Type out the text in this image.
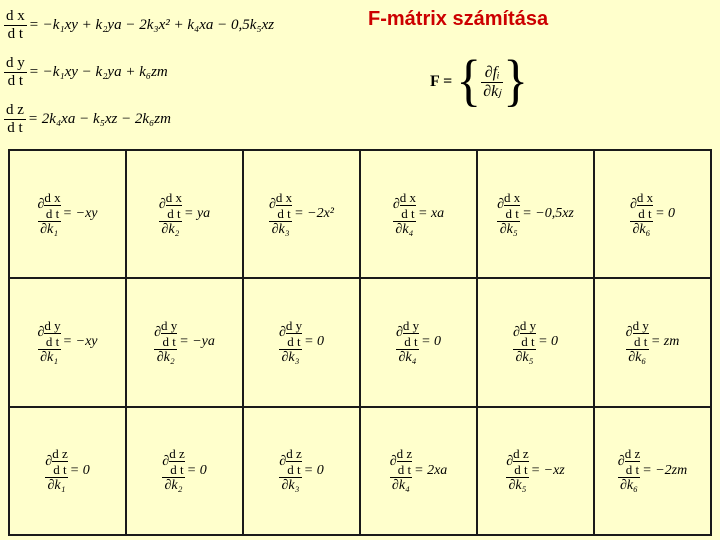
F-mátrix számítása
$\frac{\text{d x}}{\text{d t}} = -k_1xy + k_2ya - 2k_3x^2 + k_4xa - 0,5k_5xz$
$\frac{\text{d y}}{\text{d t}} = -k_1xy - k_2ya + k_6zm$
$\frac{\text{d z}}{\text{d t}} = 2k_4xa - k_5xz - 2k_6zm$
F = { $\frac{\text{∂fᵢ}}{\text{∂kⱼ}}$ }
∂ d x
d t
∂k₁
= −xy
∂ d x
d t
∂k₂
= ya
∂ d x
d t
∂k₃
= −2x²
∂ d x
d t
∂k₄
= xa
∂ d x
d t
∂k₅
= −0,5xz
∂ d x
d t
∂k₆
= 0
∂ d y
d t
∂k₁
= −xy
∂ d y
d t
∂k₂
= −ya
∂ d y
d t
∂k₃
= 0
∂ d y
d t
∂k₄
= 0
∂ d y
d t
∂k₅
= 0
∂ d y
d t
∂k₆
= zm
∂ d z
d t
∂k₁
= 0
∂ d z
d t
∂k₂
= 0
∂ d z
d t
∂k₃
= 0
∂ d z
d t
∂k₄
= 2xa
∂ d z
d t
∂k₅
= −xz
∂ d z
d t
∂k₆
= −2zm
